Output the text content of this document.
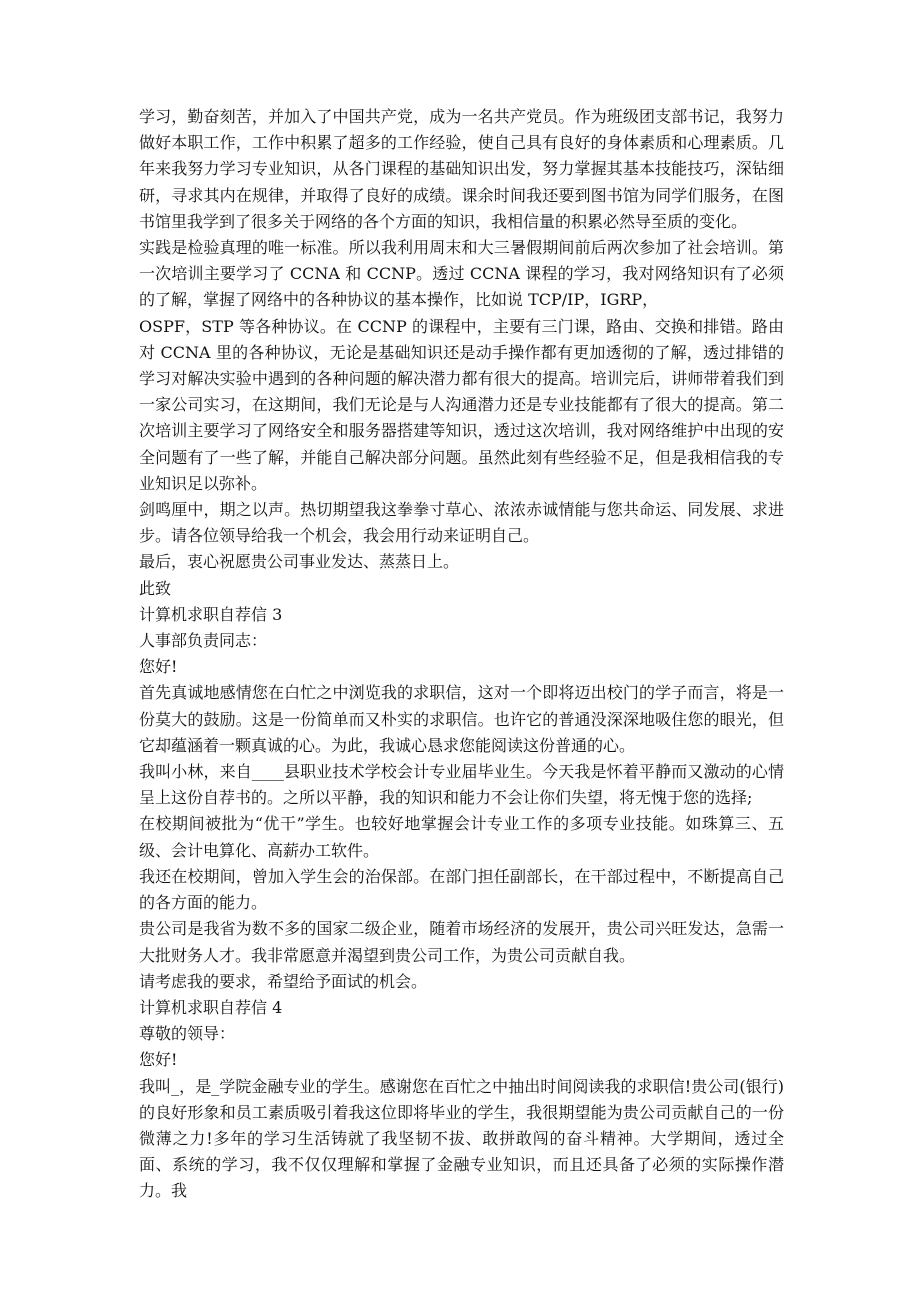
学习，勤奋刻苦，并加入了中国共产党，成为一名共产党员。作为班级团支部书记，我努力做好本职工作，工作中积累了超多的工作经验，使自己具有良好的身体素质和心理素质。几年来我努力学习专业知识，从各门课程的基础知识出发，努力掌握其基本技能技巧，深钻细研，寻求其内在规律，并取得了良好的成绩。课余时间我还要到图书馆为同学们服务，在图书馆里我学到了很多关于网络的各个方面的知识，我相信量的积累必然导至质的变化。

实践是检验真理的唯一标准。所以我利用周末和大三暑假期间前后两次参加了社会培训。第一次培训主要学习了 CCNA 和 CCNP。透过 CCNA 课程的学习，我对网络知识有了必须的了解，掌握了网络中的各种协议的基本操作，比如说 TCP/IP，IGRP，

OSPF，STP 等各种协议。在 CCNP 的课程中，主要有三门课，路由、交换和排错。路由对 CCNA 里的各种协议，无论是基础知识还是动手操作都有更加透彻的了解，透过排错的学习对解决实验中遇到的各种问题的解决潜力都有很大的提高。培训完后，讲师带着我们到一家公司实习，在这期间，我们无论是与人沟通潜力还是专业技能都有了很大的提高。第二次培训主要学习了网络安全和服务器搭建等知识，透过这次培训，我对网络维护中出现的安全问题有了一些了解，并能自己解决部分问题。虽然此刻有些经验不足，但是我相信我的专业知识足以弥补。

剑鸣厘中，期之以声。热切期望我这拳拳寸草心、浓浓赤诚情能与您共命运、同发展、求进步。请各位领导给我一个机会，我会用行动来证明自己。

最后，衷心祝愿贵公司事业发达、蒸蒸日上。

此致

计算机求职自荐信 3

人事部负责同志：

您好!

首先真诚地感情您在白忙之中浏览我的求职信，这对一个即将迈出校门的学子而言，将是一份莫大的鼓励。这是一份简单而又朴实的求职信。也许它的普通没深深地吸住您的眼光，但它却蕴涵着一颗真诚的心。为此，我诚心恳求您能阅读这份普通的心。

我叫小林，来自____县职业技术学校会计专业届毕业生。今天我是怀着平静而又激动的心情呈上这份自荐书的。之所以平静，我的知识和能力不会让你们失望，将无愧于您的选择;

在校期间被批为“优干”学生。也较好地掌握会计专业工作的多项专业技能。如珠算三、五级、会计电算化、高薪办工软件。

我还在校期间，曾加入学生会的治保部。在部门担任副部长，在干部过程中，不断提高自己的各方面的能力。

贵公司是我省为数不多的国家二级企业，随着市场经济的发展开，贵公司兴旺发达，急需一大批财务人才。我非常愿意并渴望到贵公司工作，为贵公司贡献自我。

请考虑我的要求，希望给予面试的机会。

计算机求职自荐信 4

尊敬的领导：

您好!

我叫_，是_学院金融专业的学生。感谢您在百忙之中抽出时间阅读我的求职信!贵公司(银行)的良好形象和员工素质吸引着我这位即将毕业的学生，我很期望能为贵公司贡献自己的一份微薄之力!多年的学习生活铸就了我坚韧不拔、敢拼敢闯的奋斗精神。大学期间，透过全面、系统的学习，我不仅仅理解和掌握了金融专业知识，而且还具备了必须的实际操作潜力。我
